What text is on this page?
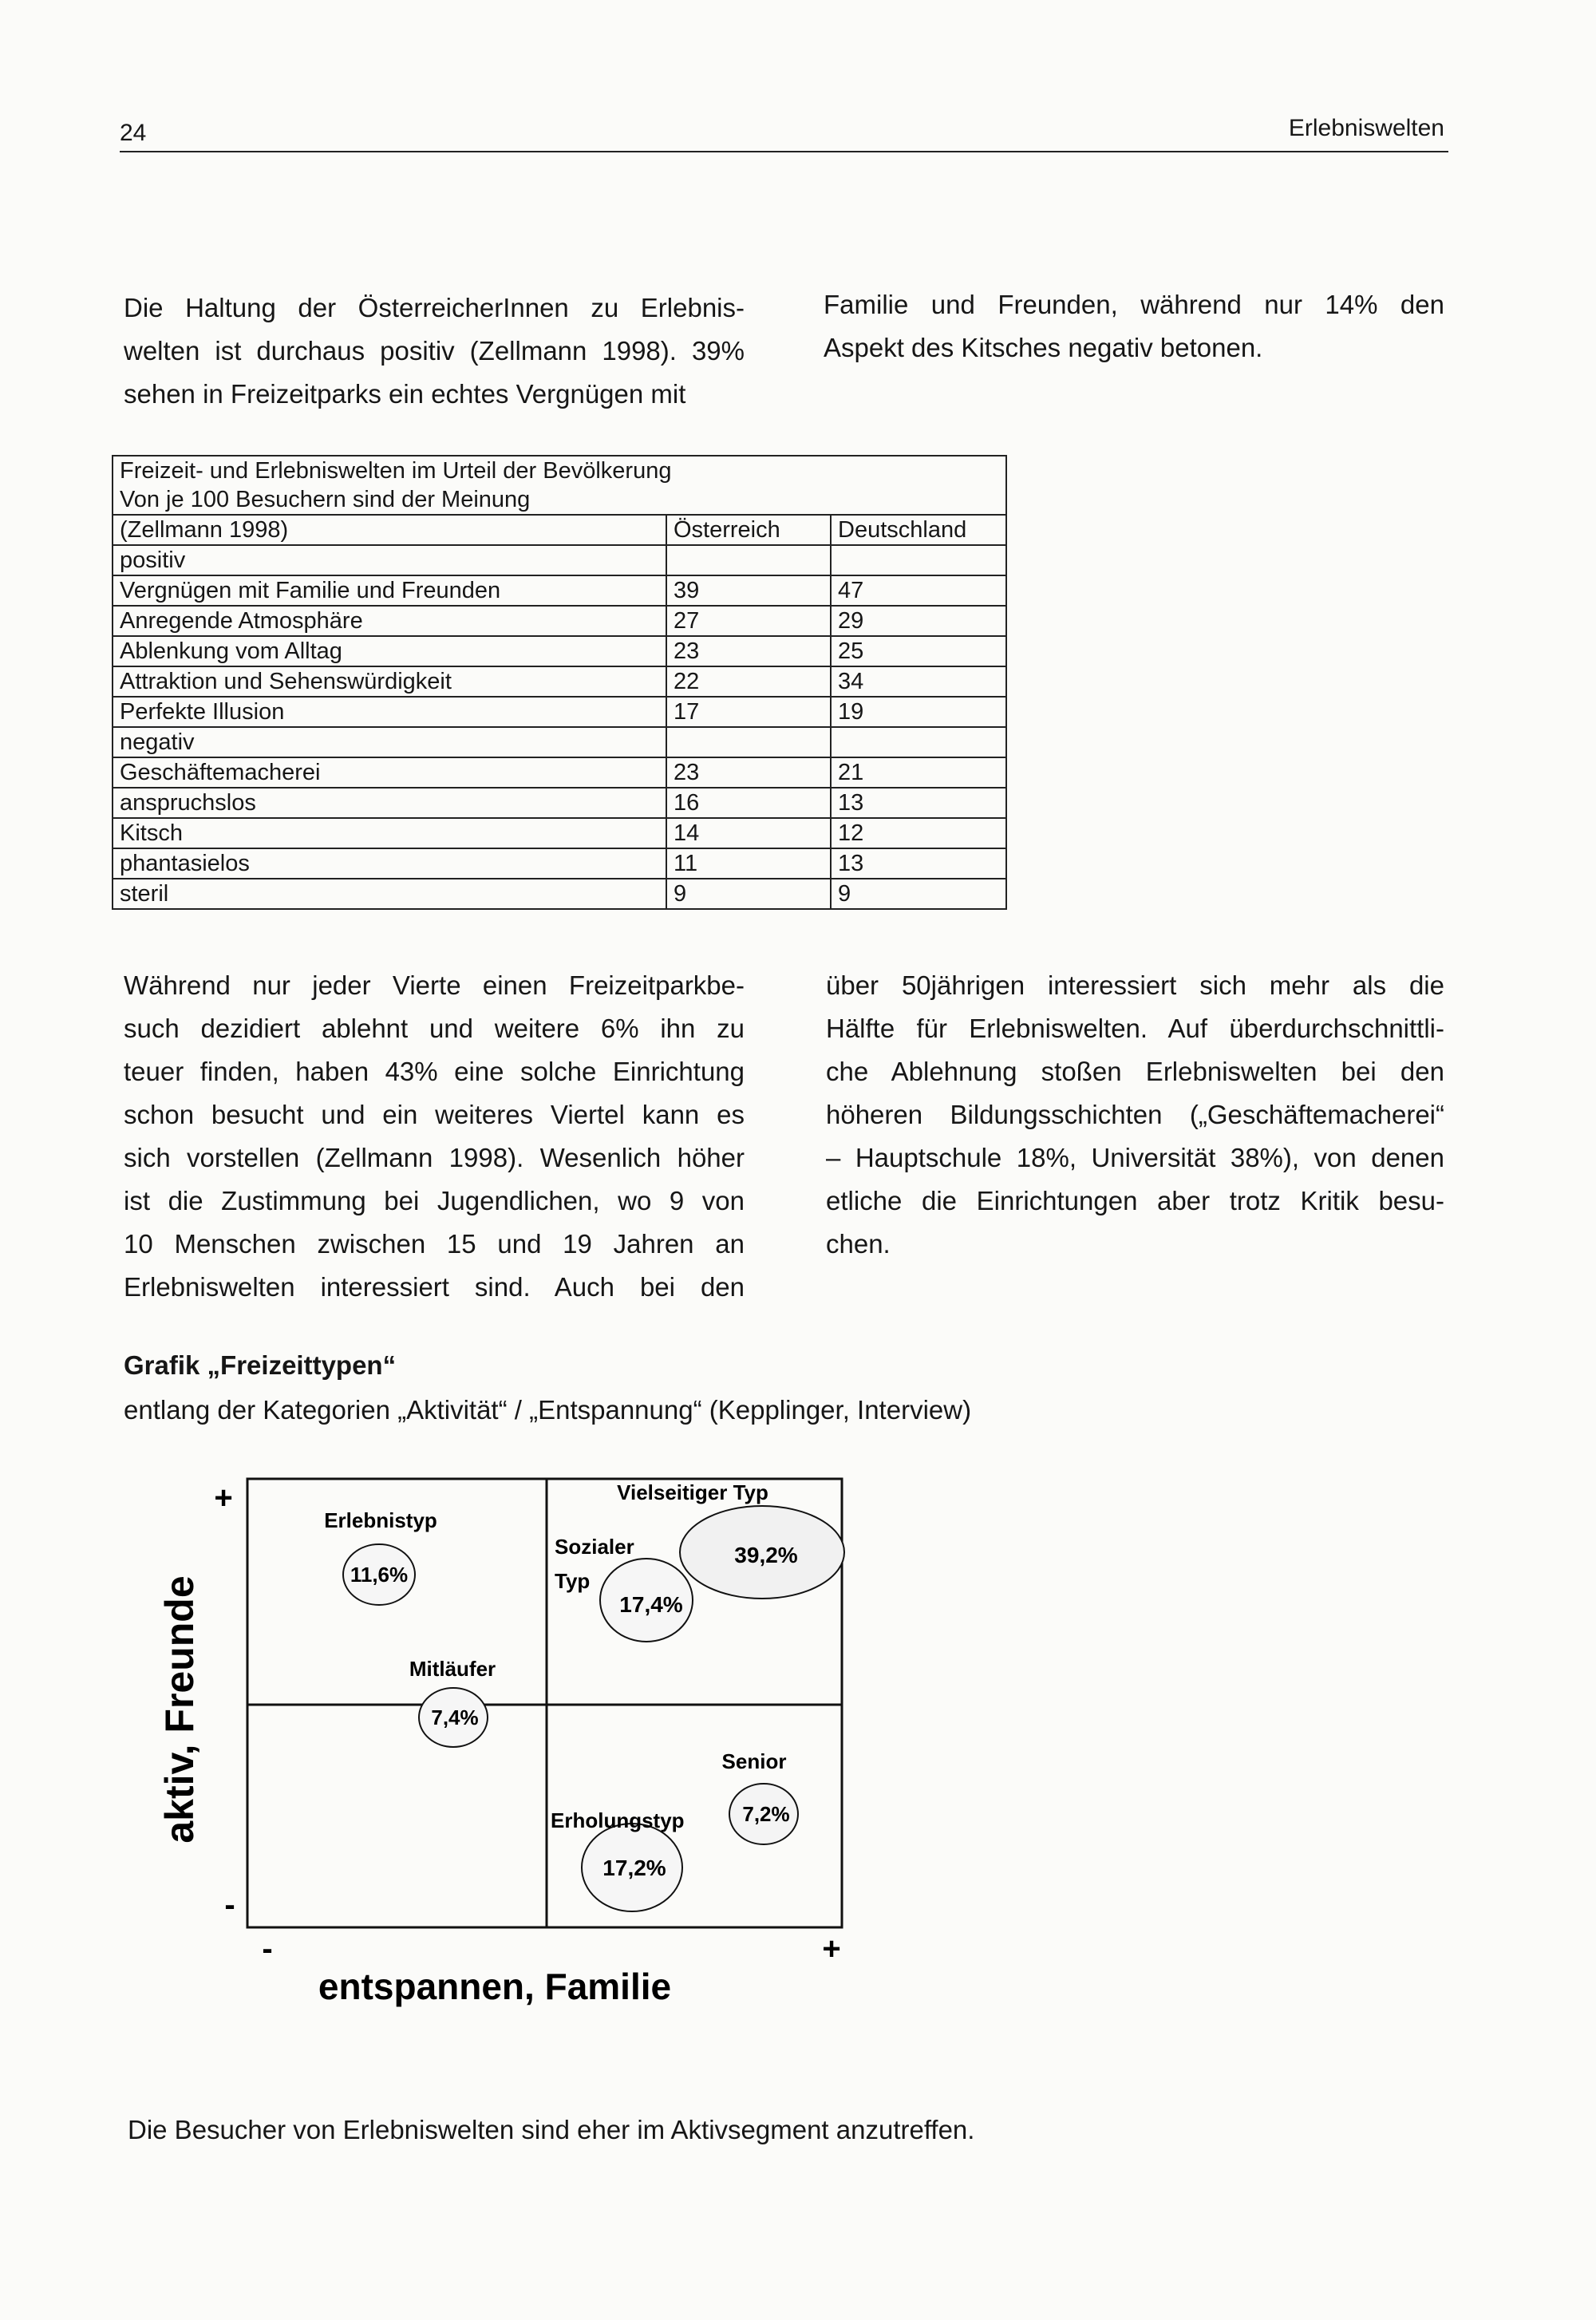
24	Erlebniswelten
Die Haltung der ÖsterreicherInnen zu Erlebnis-
welten ist durchaus positiv (Zellmann 1998). 39%
sehen in Freizeitparks ein echtes Vergnügen mit
Familie und Freunden, während nur 14% den
Aspekt des Kitsches negativ betonen.
Freizeit- und Erlebniswelten im Urteil der Bevölkerung		
Von je 100 Besuchern sind der Meinung		
(Zellmann 1998)	Österreich	Deutschland
positiv		
Vergnügen mit Familie und Freunden	39	47
Anregende Atmosphäre	27	29
Ablenkung vom Alltag	23	25
Attraktion und Sehenswürdigkeit	22	34
Perfekte Illusion	17	19
negativ		
Geschäftemacherei	23	21
anspruchslos	16	13
Kitsch	14	12
phantasielos	11	13
steril	9	9
Während nur jeder Vierte einen Freizeitparkbe-
such dezidiert ablehnt und weitere 6% ihn zu
teuer finden, haben 43% eine solche Einrichtung
schon besucht und ein weiteres Viertel kann es
sich vorstellen (Zellmann 1998). Wesenlich höher
ist die Zustimmung bei Jugendlichen, wo 9 von
10 Menschen zwischen 15 und 19 Jahren an
Erlebniswelten interessiert sind. Auch bei den
über 50jährigen interessiert sich mehr als die
Hälfte für Erlebniswelten. Auf überdurchschnittli-
che Ablehnung stoßen Erlebniswelten bei den
höheren Bildungsschichten („Geschäftemacherei“
– Hauptschule 18%, Universität 38%), von denen
etliche die Einrichtungen aber trotz Kritik besu-
chen.
Grafik „Freizeittypen“
entlang der Kategorien „Aktivität“ / „Entspannung“ (Kepplinger, Interview)
+
-
-	+
aktiv, Freunde
entspannen, Familie
Vielseitiger Typ
39,2%
Sozialer
Typ
17,4%
Erlebnistyp
11,6%
Mitläufer
7,4%
Senior
7,2%
Erholungstyp
17,2%
Die Besucher von Erlebniswelten sind eher im Aktivsegment anzutreffen.
